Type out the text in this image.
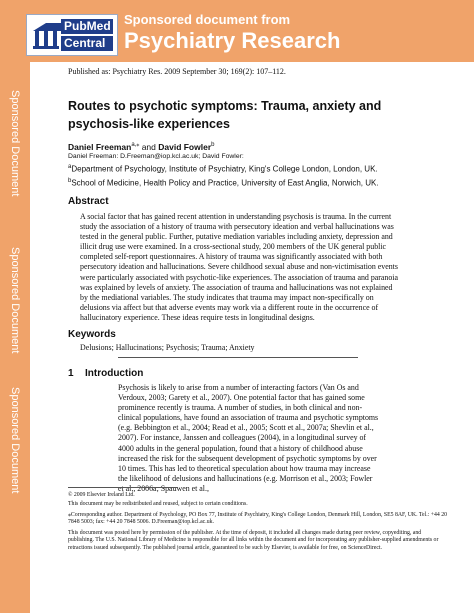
PubMed
Central
Sponsored document from
Psychiatry Research
Sponsored Document
Sponsored Document
Sponsored Document
Published as: Psychiatry Res. 2009 September 30; 169(2): 107–112.
Routes to psychotic symptoms: Trauma, anxiety and psychosis-like experiences
Daniel Freeman$^{a,⁎}$ and David Fowler$^b$
Daniel Freeman: D.Freeman@iop.kcl.ac.uk; David Fowler:
$^a$Department of Psychology, Institute of Psychiatry, King's College London, London, UK.
$^b$School of Medicine, Health Policy and Practice, University of East Anglia, Norwich, UK.
Abstract
A social factor that has gained recent attention in understanding psychosis is trauma. In the current study the association of a history of trauma with persecutory ideation and verbal hallucinations was tested in the general public. Further, putative mediation variables including anxiety, depression and illicit drug use were examined. In a cross-sectional study, 200 members of the UK general public completed self-report questionnaires. A history of trauma was significantly associated with both persecutory ideation and hallucinations. Severe childhood sexual abuse and non-victimisation events were particularly associated with psychotic-like experiences. The association of trauma and paranoia was explained by levels of anxiety. The association of trauma and hallucinations was not explained by the mediational variables. The study indicates that trauma may impact non-specifically on delusions via affect but that adverse events may work via a different route in the occurrence of hallucinatory experience. These ideas require tests in longitudinal designs.
Keywords
Delusions; Hallucinations; Psychosis; Trauma; Anxiety
1 Introduction
Psychosis is likely to arise from a number of interacting factors (Van Os and Verdoux, 2003; Garety et al., 2007). One potential factor that has gained some prominence recently is trauma. A number of studies, in both clinical and non-clinical populations, have found an association of trauma and psychotic symptoms (e.g. Bebbington et al., 2004; Read et al., 2005; Scott et al., 2007a; Shevlin et al., 2007). For instance, Janssen and colleagues (2004), in a longitudinal survey of 4000 adults in the general population, found that a history of childhood abuse increased the risk for the subsequent development of psychotic symptoms by over 10 times. This has led to theoretical speculation about how trauma may increase the likelihood of delusions and hallucinations (e.g. Morrison et al., 2003; Fowler et al., 2006a; Spauwen et al.,
© 2009 Elsevier Ireland Ltd.
This document may be redistributed and reused, subject to certain conditions.
⁎Corresponding author. Department of Psychology, PO Box 77, Institute of Psychiatry, King's College London, Denmark Hill, London, SE5 8AF, UK. Tel.: +44 20 7848 5003; fax: +44 20 7848 5006. D.Freeman@iop.kcl.ac.uk.
This document was posted here by permission of the publisher. At the time of deposit, it included all changes made during peer review, copyediting, and publishing. The U.S. National Library of Medicine is responsible for all links within the document and for incorporating any publisher-supplied amendments or retractions issued subsequently. The published journal article, guaranteed to be such by Elsevier, is available for free, on ScienceDirect.
